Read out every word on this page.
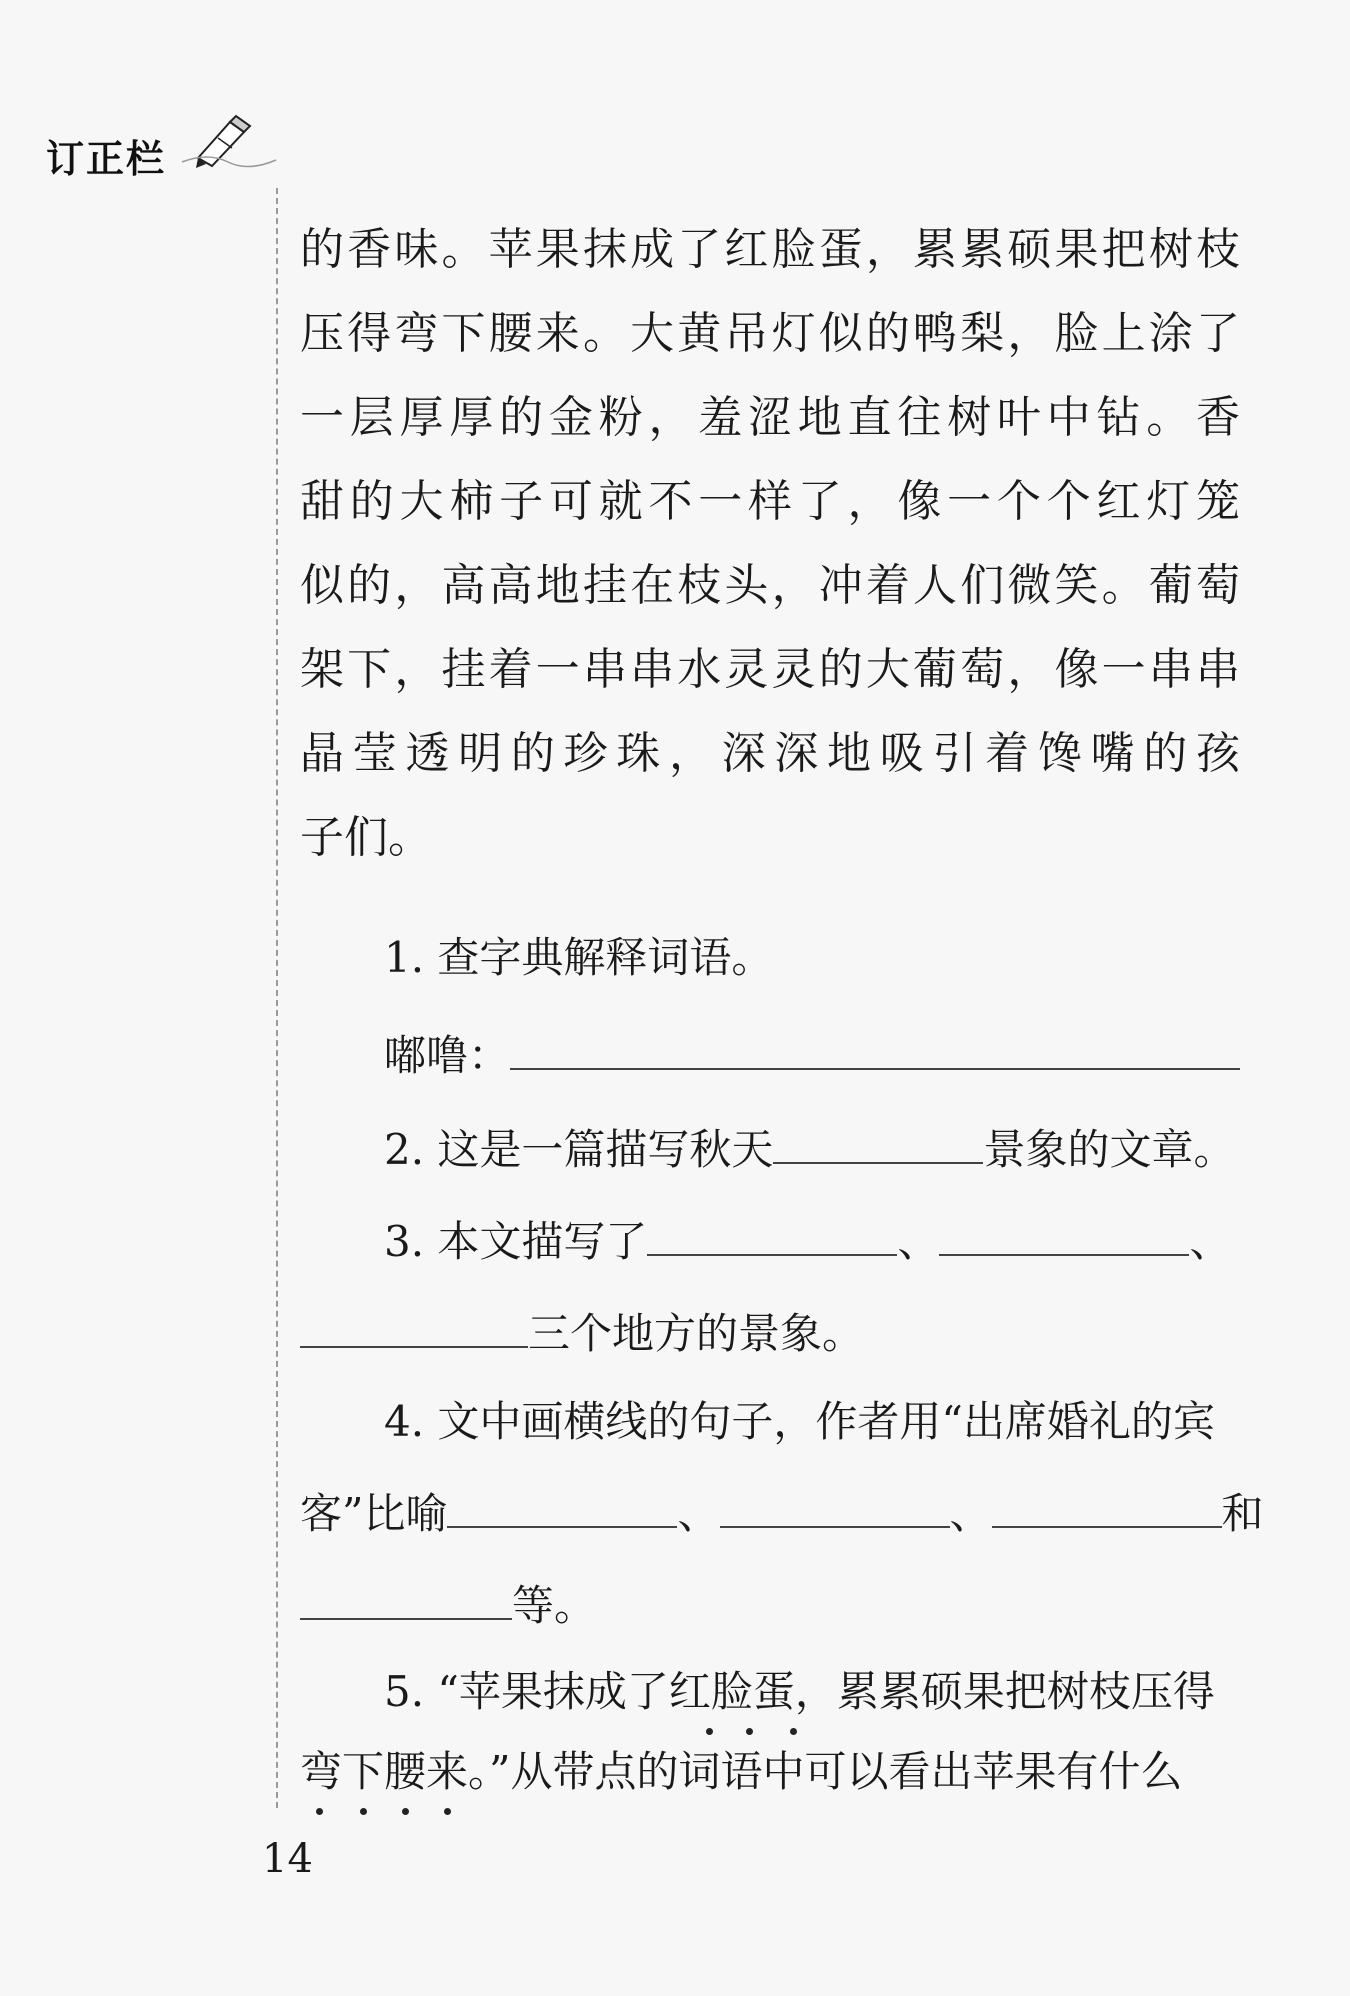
订正栏
的香味。苹果抹成了红脸蛋，累累硕果把树枝
压得弯下腰来。大黄吊灯似的鸭梨，脸上涂了
一层厚厚的金粉，羞涩地直往树叶中钻。香
甜的大柿子可就不一样了，像一个个红灯笼
似的，高高地挂在枝头，冲着人们微笑。葡萄
架下，挂着一串串水灵灵的大葡萄，像一串串
晶莹透明的珍珠，深深地吸引着馋嘴的孩
子们。
1. 查字典解释词语。
嘟噜：
2. 这是一篇描写秋天	景象的文章。
3. 本文描写了	、	、
三个地方的景象。
4. 文中画横线的句子，作者用“出席婚礼的宾
客”比喻	、	、	和
等。
5. “苹果抹成了红脸蛋，累累硕果把树枝压得
弯下腰来。”从带点的词语中可以看出苹果有什么
14
